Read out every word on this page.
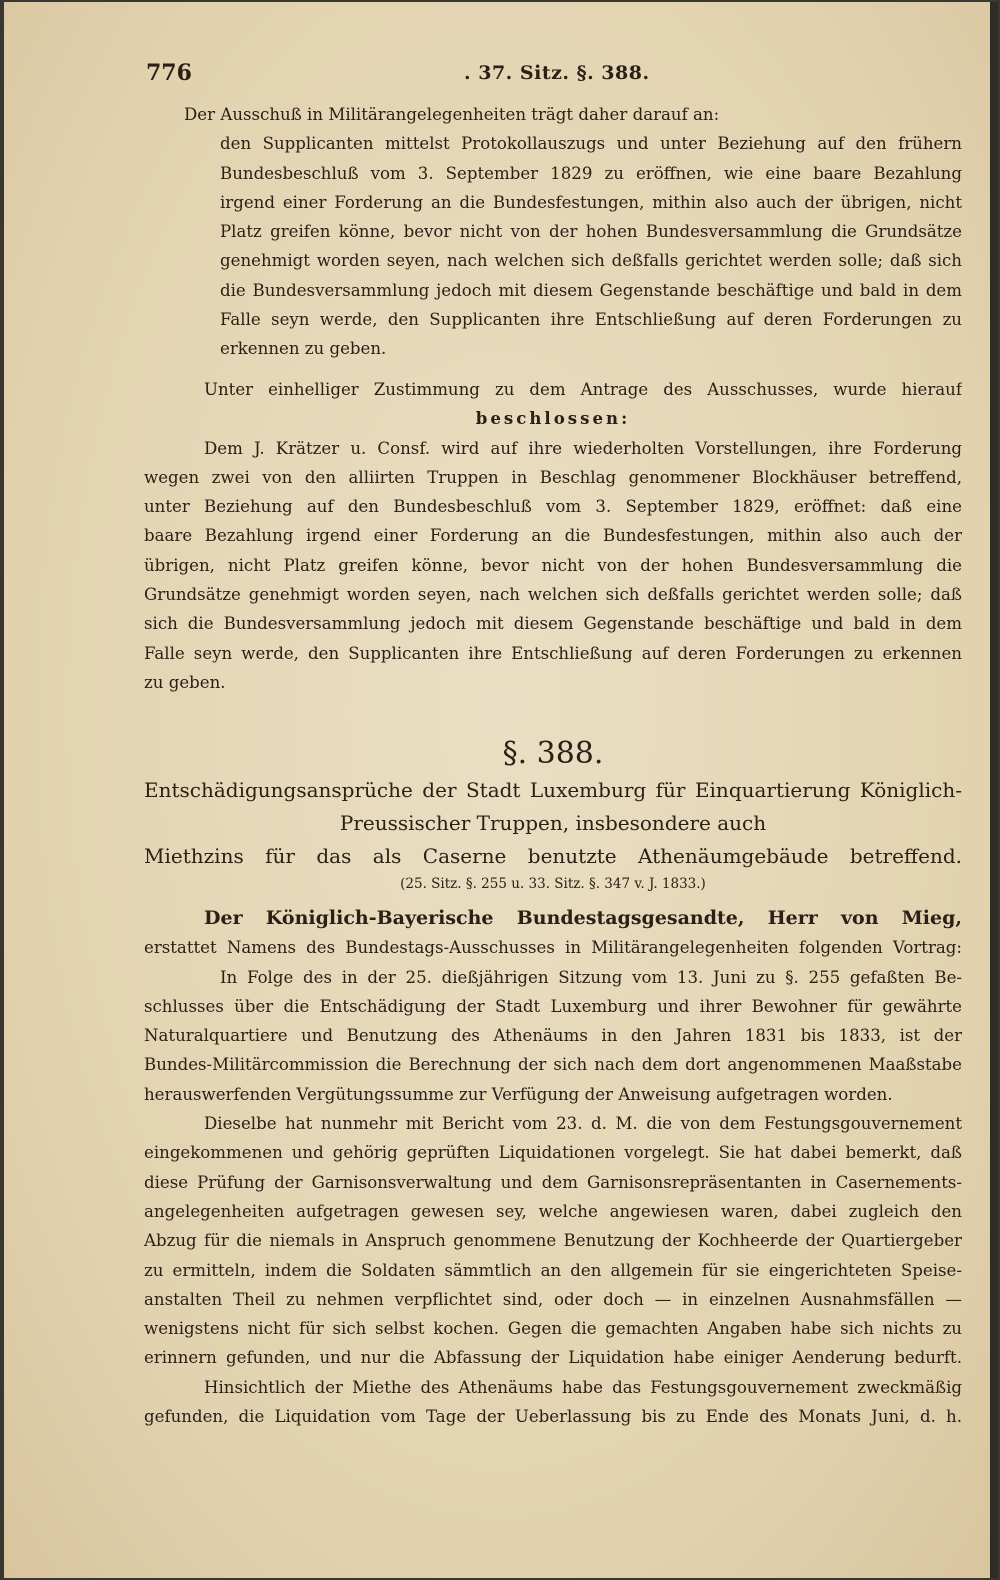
776	. 37. Sitz. §. 388.
Der Ausschuß in Militärangelegenheiten trägt daher darauf an:
den Supplicanten mittelst Protokollauszugs und unter Beziehung auf den frühern
Bundesbeschluß vom 3. September 1829 zu eröffnen, wie eine baare Bezahlung
irgend einer Forderung an die Bundesfestungen, mithin also auch der übrigen, nicht
Platz greifen könne, bevor nicht von der hohen Bundesversammlung die Grundsätze
genehmigt worden seyen, nach welchen sich deßfalls gerichtet werden solle; daß sich
die Bundesversammlung jedoch mit diesem Gegenstande beschäftige und bald in dem
Falle seyn werde, den Supplicanten ihre Entschließung auf deren Forderungen zu
erkennen zu geben.
Unter einhelliger Zustimmung zu dem Antrage des Ausschusses, wurde hierauf
beschlossen:
Dem J. Krätzer u. Consf. wird auf ihre wiederholten Vorstellungen, ihre Forderung
wegen zwei von den alliirten Truppen in Beschlag genommener Blockhäuser betreffend,
unter Beziehung auf den Bundesbeschluß vom 3. September 1829, eröffnet: daß eine
baare Bezahlung irgend einer Forderung an die Bundesfestungen, mithin also auch der
übrigen, nicht Platz greifen könne, bevor nicht von der hohen Bundesversammlung die
Grundsätze genehmigt worden seyen, nach welchen sich deßfalls gerichtet werden solle; daß
sich die Bundesversammlung jedoch mit diesem Gegenstande beschäftige und bald in dem
Falle seyn werde, den Supplicanten ihre Entschließung auf deren Forderungen zu erkennen
zu geben.
§. 388.
Entschädigungsansprüche der Stadt Luxemburg für Einquartierung Königlich-
Preussischer Truppen, insbesondere auch
Miethzins für das als Caserne benutzte Athenäumgebäude betreffend.
(25. Sitz. §. 255 u. 33. Sitz. §. 347 v. J. 1833.)
Der Königlich-Bayerische Bundestagsgesandte, Herr von Mieg,
erstattet Namens des Bundestags-Ausschusses in Militärangelegenheiten folgenden Vortrag:
In Folge des in der 25. dießjährigen Sitzung vom 13. Juni zu §. 255 gefaßten Be-
schlusses über die Entschädigung der Stadt Luxemburg und ihrer Bewohner für gewährte
Naturalquartiere und Benutzung des Athenäums in den Jahren 1831 bis 1833, ist der
Bundes-Militärcommission die Berechnung der sich nach dem dort angenommenen Maaßstabe
herauswerfenden Vergütungssumme zur Verfügung der Anweisung aufgetragen worden.
Dieselbe hat nunmehr mit Bericht vom 23. d. M. die von dem Festungsgouvernement
eingekommenen und gehörig geprüften Liquidationen vorgelegt. Sie hat dabei bemerkt, daß
diese Prüfung der Garnisonsverwaltung und dem Garnisonsrepräsentanten in Casernements-
angelegenheiten aufgetragen gewesen sey, welche angewiesen waren, dabei zugleich den
Abzug für die niemals in Anspruch genommene Benutzung der Kochheerde der Quartiergeber
zu ermitteln, indem die Soldaten sämmtlich an den allgemein für sie eingerichteten Speise-
anstalten Theil zu nehmen verpflichtet sind, oder doch — in einzelnen Ausnahmsfällen —
wenigstens nicht für sich selbst kochen. Gegen die gemachten Angaben habe sich nichts zu
erinnern gefunden, und nur die Abfassung der Liquidation habe einiger Aenderung bedurft.
Hinsichtlich der Miethe des Athenäums habe das Festungsgouvernement zweckmäßig
gefunden, die Liquidation vom Tage der Ueberlassung bis zu Ende des Monats Juni, d. h.
